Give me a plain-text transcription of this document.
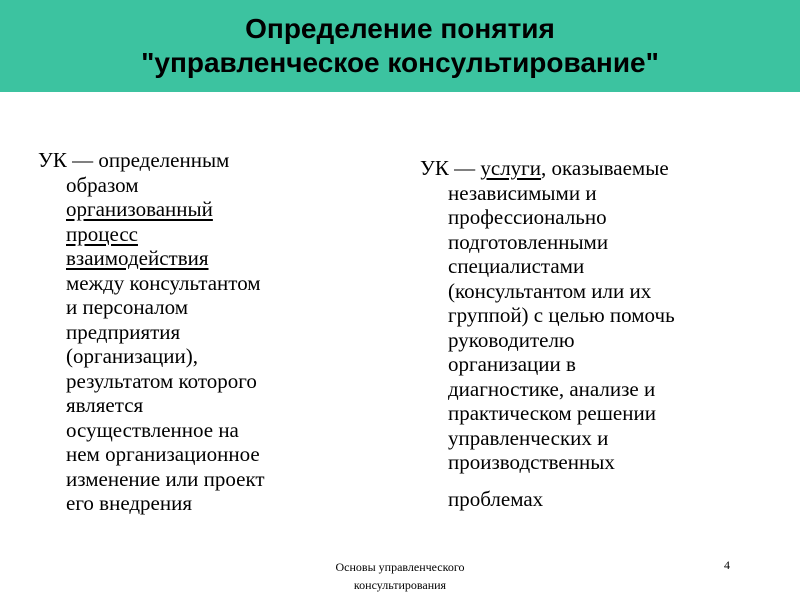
Определение понятия
"управленческое консультирование"
УК — определенным
образом
организованный
процесс
взаимодействия
между консультантом
и персоналом
предприятия
(организации),
результатом которого
является
осуществленное на
нем организационное
изменение или проект
его внедрения
УК — услуги, оказываемые
независимыми и
профессионально
подготовленными
специалистами
(консультантом или их
группой) с целью помочь
руководителю
организации в
диагностике, анализе и
практическом решении
управленческих и
производственных
проблемах
Основы управленческого
консультирования
4
